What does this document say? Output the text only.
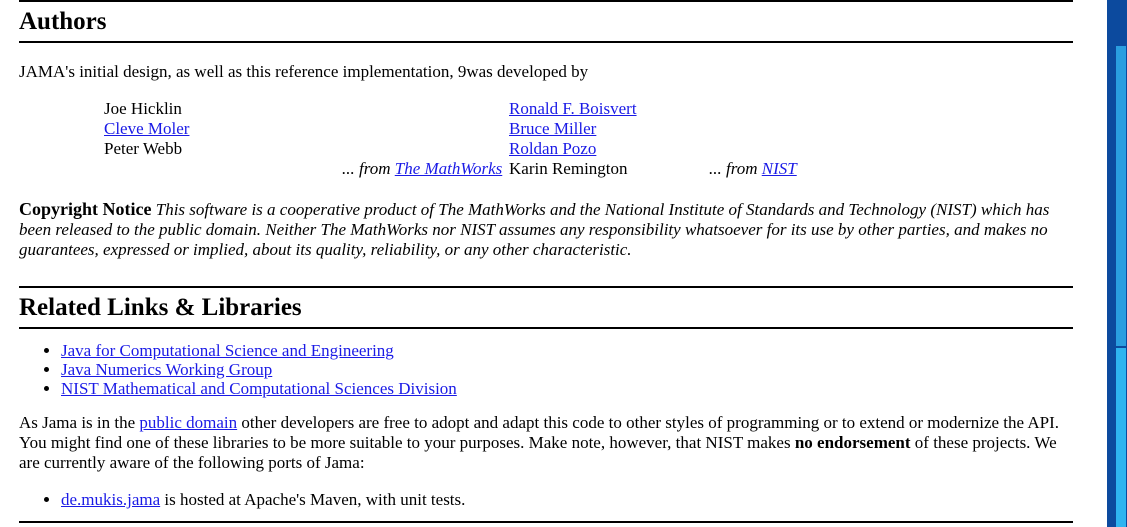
Authors

JAMA's initial design, as well as this reference implementation, 9was developed by

Joe Hicklin		Ronald F. Boisvert	
Cleve Moler		Bruce Miller	
Peter Webb		Roldan Pozo	
	... from The MathWorks	Karin Remington	... from NIST
Copyright Notice This software is a cooperative product of The MathWorks and the National Institute of Standards and Technology (NIST) which has been released to the public domain. Neither The MathWorks nor NIST assumes any responsibility whatsoever for its use by other parties, and makes no guarantees, expressed or implied, about its quality, reliability, or any other characteristic.
Related Links & Libraries
• Java for Computational Science and Engineering
• Java Numerics Working Group
• NIST Mathematical and Computational Sciences Division

As Jama is in the public domain other developers are free to adopt and adapt this code to other styles of programming or to extend or modernize the API. You might find one of these libraries to be more suitable to your purposes. Make note, however, that NIST makes no endorsement of these projects. We are currently aware of the following ports of Jama:

• de.mukis.jama is hosted at Apache's Maven, with unit tests.
